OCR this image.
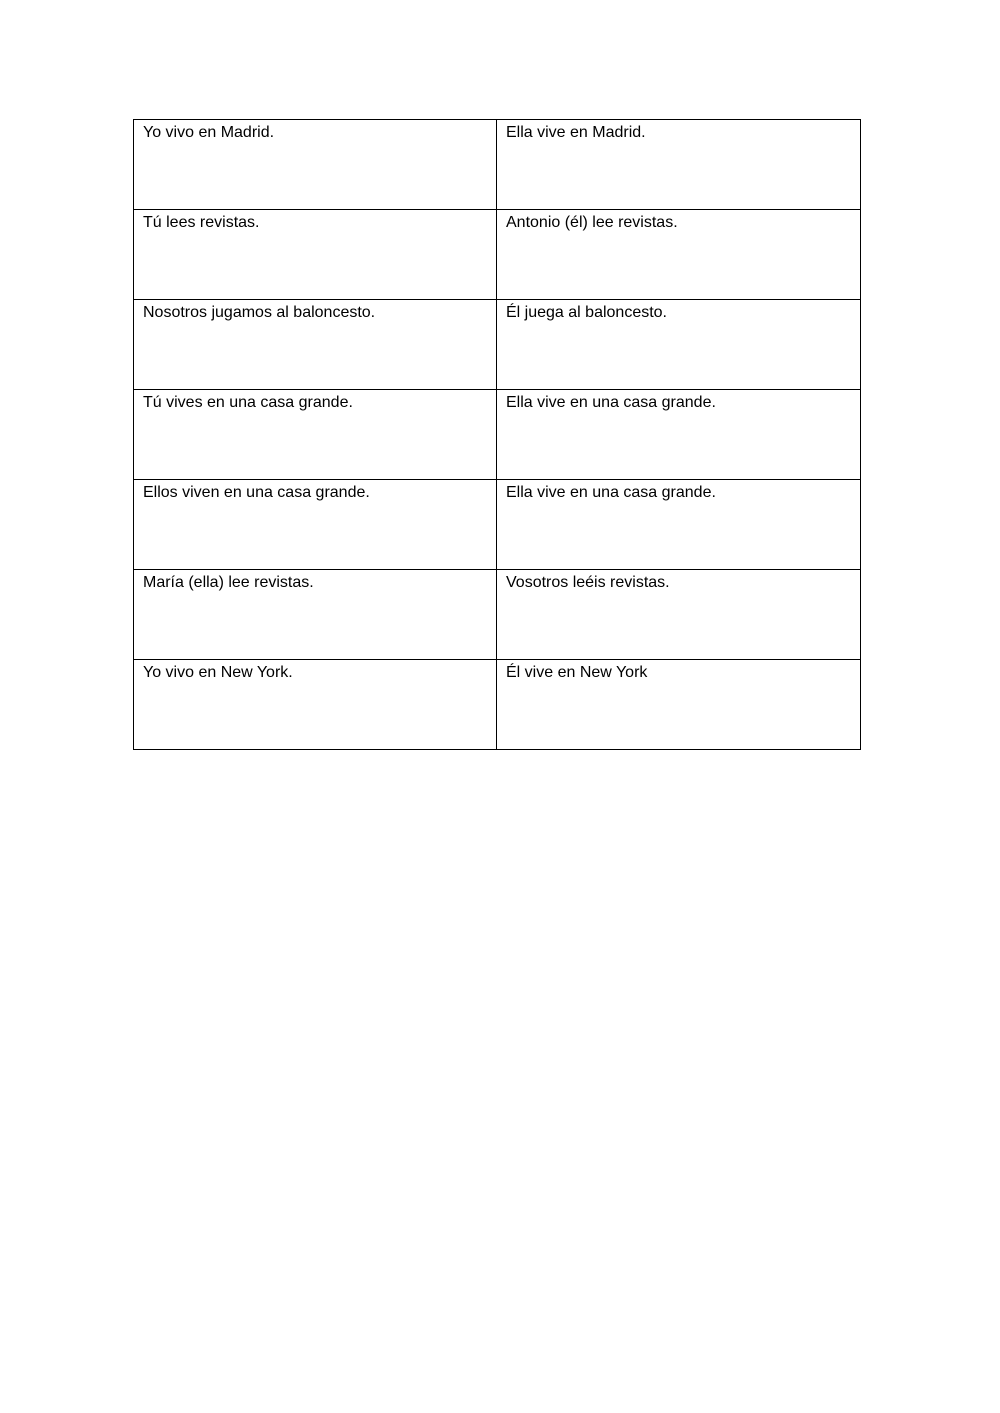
Yo vivo en Madrid.	Ella vive en Madrid.
Tú lees revistas.	Antonio (él) lee revistas.
Nosotros jugamos al baloncesto.	Él juega al baloncesto.
Tú vives en una casa grande.	Ella vive en una casa grande.
Ellos viven en una casa grande.	Ella vive en una casa grande.
María (ella) lee revistas.	Vosotros leéis revistas.
Yo vivo en New York.	Él vive en New York
